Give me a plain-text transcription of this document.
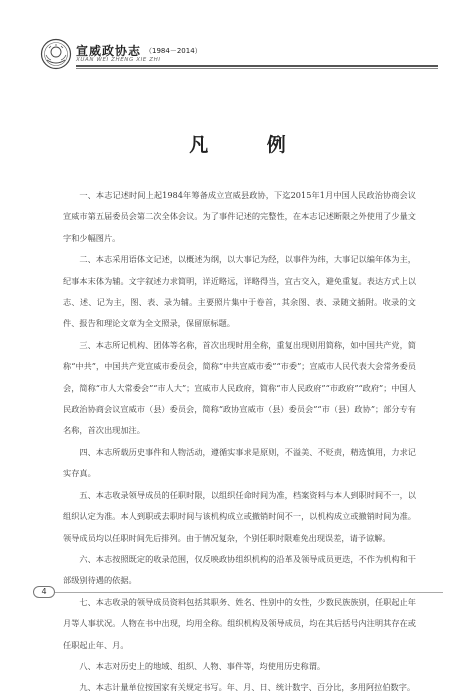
宣威政协志 （1984－2014）
XUAN WEI ZHENG XIE ZHI
凡 例

一、本志记述时间上起1984年筹备成立宣威县政协，下迄2015年1月中国人民政治协商会议宣威市第五届委员会第二次全体会议。为了事件记述的完整性，在本志记述断限之外使用了少量文字和少幅图片。

二、本志采用语体文记述，以概述为纲，以大事记为经，以事件为纬，大事记以编年体为主，纪事本末体为辅。文字叙述力求简明，详近略远，详略得当，宜古交入，避免重复。表达方式上以志、述、记为主，图、表、录为辅。主要照片集中于卷首，其余图、表、录随文插附。收录的文件、报告和理论文章为全文照录，保留原标题。

三、本志所记机构、团体等名称，首次出现时用全称，重复出现则用简称，如中国共产党，简称“中共”，中国共产党宣威市委员会，简称“中共宣威市委”“市委”；宣威市人民代表大会常务委员会，简称“市人大常委会”“市人大”；宣威市人民政府，简称“市人民政府”“市政府”“政府”；中国人民政治协商会议宣威市（县）委员会，简称“政协宣威市（县）委员会”“市（县）政协”；部分专有名称，首次出现加注。

四、本志所载历史事件和人物活动，遵循实事求是原则，不溢美、不贬责，精选慎用，力求记实存真。

五、本志收录领导成员的任职时限，以组织任命时间为准，档案资料与本人到职时间不一，以组织认定为准。本人到职或去职时间与该机构成立或撤销时间不一，以机构成立或撤销时间为准。领导成员均以任职时间先后排列。由于情况复杂，个别任职时限难免出现误差，请予谅解。

六、本志按照既定的收录范围，仅反映政协组织机构的沿革及领导成员更迭，不作为机构和干部级别待遇的依据。

七、本志收录的领导成员资料包括其职务、姓名、性别中的女性，少数民族族别，任职起止年月等人事状况。人物在书中出现，均用全称。组织机构及领导成员，均在其后括号内注明其存在或任职起止年、月。

八、本志对历史上的地域、组织、人物、事件等，均使用历史称谓。

九、本志计量单位按国家有关规定书写。年、月、日、统计数字、百分比，多用阿拉伯数字。

4
